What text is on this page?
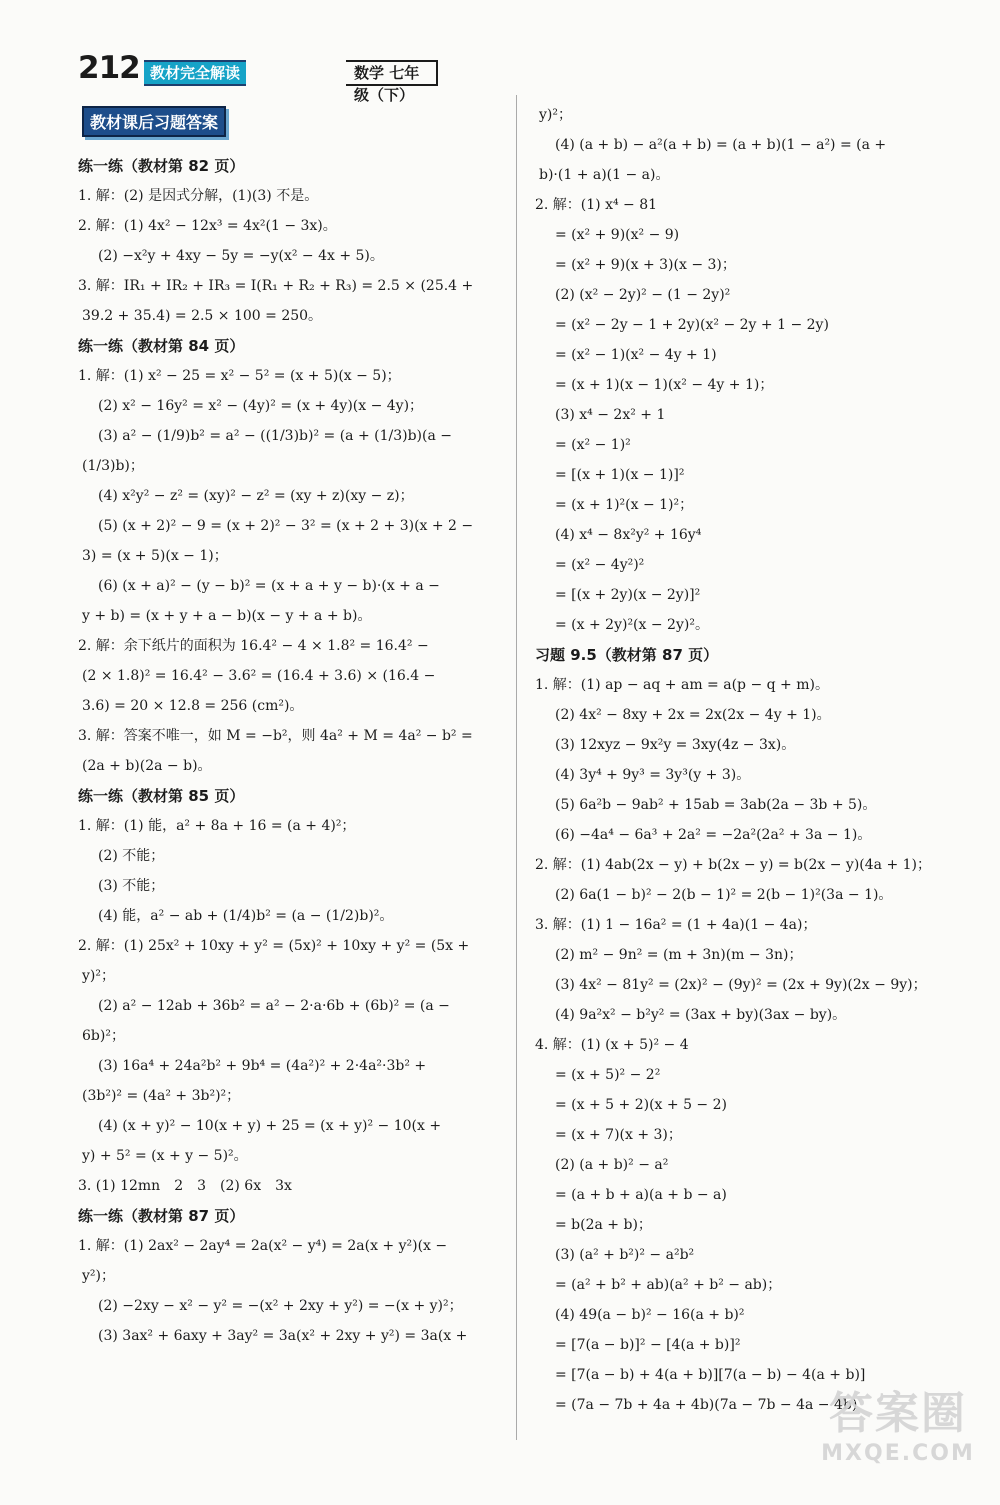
212 教材完全解读	数学 七年级（下）
教材课后习题答案
练一练（教材第 82 页）
1. 解：(2) 是因式分解，(1)(3) 不是。
2. 解：(1) 4x² − 12x³ = 4x²(1 − 3x)。
(2) −x²y + 4xy − 5y = −y(x² − 4x + 5)。
3. 解：IR₁ + IR₂ + IR₃ = I(R₁ + R₂ + R₃) = 2.5 × (25.4 +
39.2 + 35.4) = 2.5 × 100 = 250。
练一练（教材第 84 页）
1. 解：(1) x² − 25 = x² − 5² = (x + 5)(x − 5)；
(2) x² − 16y² = x² − (4y)² = (x + 4y)(x − 4y)；
(3) a² − (1/9)b² = a² − ((1/3)b)² = (a + (1/3)b)(a −
(1/3)b)；
(4) x²y² − z² = (xy)² − z² = (xy + z)(xy − z)；
(5) (x + 2)² − 9 = (x + 2)² − 3² = (x + 2 + 3)(x + 2 −
3) = (x + 5)(x − 1)；
(6) (x + a)² − (y − b)² = (x + a + y − b)·(x + a −
y + b) = (x + y + a − b)(x − y + a + b)。
2. 解：余下纸片的面积为 16.4² − 4 × 1.8² = 16.4² −
(2 × 1.8)² = 16.4² − 3.6² = (16.4 + 3.6) × (16.4 −
3.6) = 20 × 12.8 = 256 (cm²)。
3. 解：答案不唯一，如 M = −b²，则 4a² + M = 4a² − b² =
(2a + b)(2a − b)。
练一练（教材第 85 页）
1. 解：(1) 能，a² + 8a + 16 = (a + 4)²；
(2) 不能；
(3) 不能；
(4) 能，a² − ab + (1/4)b² = (a − (1/2)b)²。
2. 解：(1) 25x² + 10xy + y² = (5x)² + 10xy + y² = (5x +
y)²；
(2) a² − 12ab + 36b² = a² − 2·a·6b + (6b)² = (a −
6b)²；
(3) 16a⁴ + 24a²b² + 9b⁴ = (4a²)² + 2·4a²·3b² +
(3b²)² = (4a² + 3b²)²；
(4) (x + y)² − 10(x + y) + 25 = (x + y)² − 10(x +
y) + 5² = (x + y − 5)²。
3. (1) 12mn　2　3　(2) 6x　3x
练一练（教材第 87 页）
1. 解：(1) 2ax² − 2ay⁴ = 2a(x² − y⁴) = 2a(x + y²)(x −
y²)；
(2) −2xy − x² − y² = −(x² + 2xy + y²) = −(x + y)²；
(3) 3ax² + 6axy + 3ay² = 3a(x² + 2xy + y²) = 3a(x +
y)²；
(4) (a + b) − a²(a + b) = (a + b)(1 − a²) = (a +
b)·(1 + a)(1 − a)。
2. 解：(1) x⁴ − 81
= (x² + 9)(x² − 9)
= (x² + 9)(x + 3)(x − 3)；
(2) (x² − 2y)² − (1 − 2y)²
= (x² − 2y − 1 + 2y)(x² − 2y + 1 − 2y)
= (x² − 1)(x² − 4y + 1)
= (x + 1)(x − 1)(x² − 4y + 1)；
(3) x⁴ − 2x² + 1
= (x² − 1)²
= [(x + 1)(x − 1)]²
= (x + 1)²(x − 1)²；
(4) x⁴ − 8x²y² + 16y⁴
= (x² − 4y²)²
= [(x + 2y)(x − 2y)]²
= (x + 2y)²(x − 2y)²。
习题 9.5（教材第 87 页）
1. 解：(1) ap − aq + am = a(p − q + m)。
(2) 4x² − 8xy + 2x = 2x(2x − 4y + 1)。
(3) 12xyz − 9x²y = 3xy(4z − 3x)。
(4) 3y⁴ + 9y³ = 3y³(y + 3)。
(5) 6a²b − 9ab² + 15ab = 3ab(2a − 3b + 5)。
(6) −4a⁴ − 6a³ + 2a² = −2a²(2a² + 3a − 1)。
2. 解：(1) 4ab(2x − y) + b(2x − y) = b(2x − y)(4a + 1)；
(2) 6a(1 − b)² − 2(b − 1)² = 2(b − 1)²(3a − 1)。
3. 解：(1) 1 − 16a² = (1 + 4a)(1 − 4a)；
(2) m² − 9n² = (m + 3n)(m − 3n)；
(3) 4x² − 81y² = (2x)² − (9y)² = (2x + 9y)(2x − 9y)；
(4) 9a²x² − b²y² = (3ax + by)(3ax − by)。
4. 解：(1) (x + 5)² − 4
= (x + 5)² − 2²
= (x + 5 + 2)(x + 5 − 2)
= (x + 7)(x + 3)；
(2) (a + b)² − a²
= (a + b + a)(a + b − a)
= b(2a + b)；
(3) (a² + b²)² − a²b²
= (a² + b² + ab)(a² + b² − ab)；
(4) 49(a − b)² − 16(a + b)²
= [7(a − b)]² − [4(a + b)]²
= [7(a − b) + 4(a + b)][7(a − b) − 4(a + b)]
= (7a − 7b + 4a + 4b)(7a − 7b − 4a − 4b)
答案圈
MXQE.COM
